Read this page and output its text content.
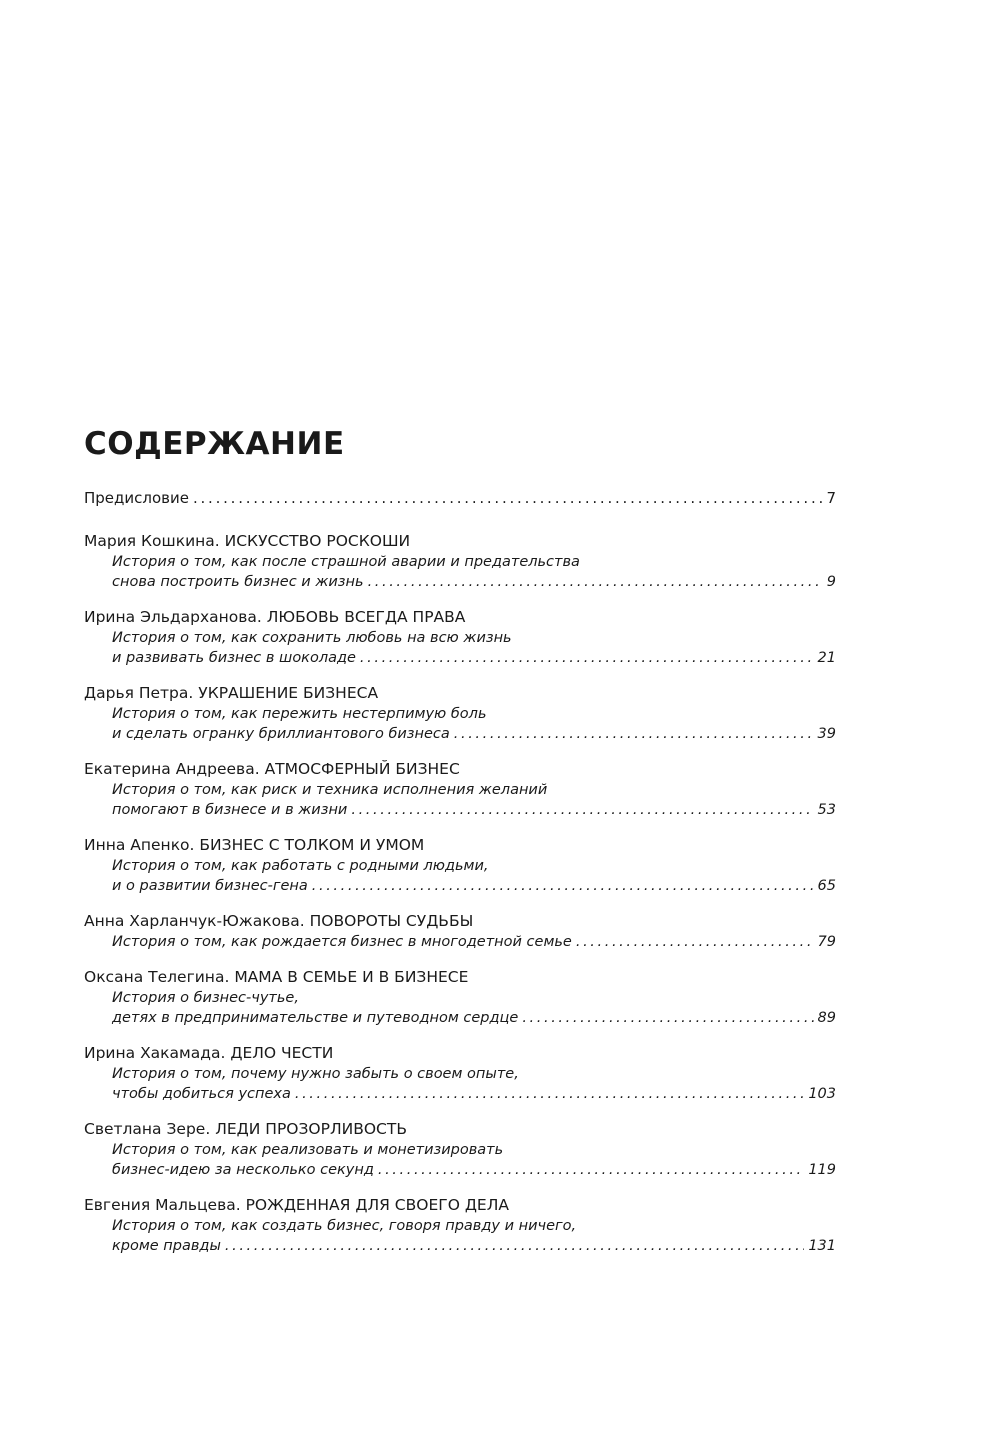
СОДЕРЖАНИЕ
Предисловие . . .	7
Мария Кошкина. ИСКУССТВО РОСКОШИ
История о том, как после страшной аварии и предательства
снова построить бизнес и жизнь . . .	9
Ирина Эльдарханова. ЛЮБОВЬ ВСЕГДА ПРАВА
История о том, как сохранить любовь на всю жизнь
и развивать бизнес в шоколаде . . .	21
Дарья Петра. УКРАШЕНИЕ БИЗНЕСА
История о том, как пережить нестерпимую боль
и сделать огранку бриллиантового бизнеса . . .	39
Екатерина Андреева. АТМОСФЕРНЫЙ БИЗНЕС
История о том, как риск и техника исполнения желаний
помогают в бизнесе и в жизни . . .	53
Инна Апенко. БИЗНЕС С ТОЛКОМ И УМОМ
История о том, как работать с родными людьми,
и о развитии бизнес-гена . . .	65
Анна Харланчук-Южакова. ПОВОРОТЫ СУДЬБЫ
История о том, как рождается бизнес в многодетной семье . . .	79
Оксана Телегина. МАМА В СЕМЬЕ И В БИЗНЕСЕ
История о бизнес-чутье,
детях в предпринимательстве и путеводном сердце . . .	89
Ирина Хакамада. ДЕЛО ЧЕСТИ
История о том, почему нужно забыть о своем опыте,
чтобы добиться успеха . . .	103
Светлана Зере. ЛЕДИ ПРОЗОРЛИВОСТЬ
История о том, как реализовать и монетизировать
бизнес-идею за несколько секунд . . .	119
Евгения Мальцева. РОЖДЕННАЯ ДЛЯ СВОЕГО ДЕЛА
История о том, как создать бизнес, говоря правду и ничего,
кроме правды . . .	131
